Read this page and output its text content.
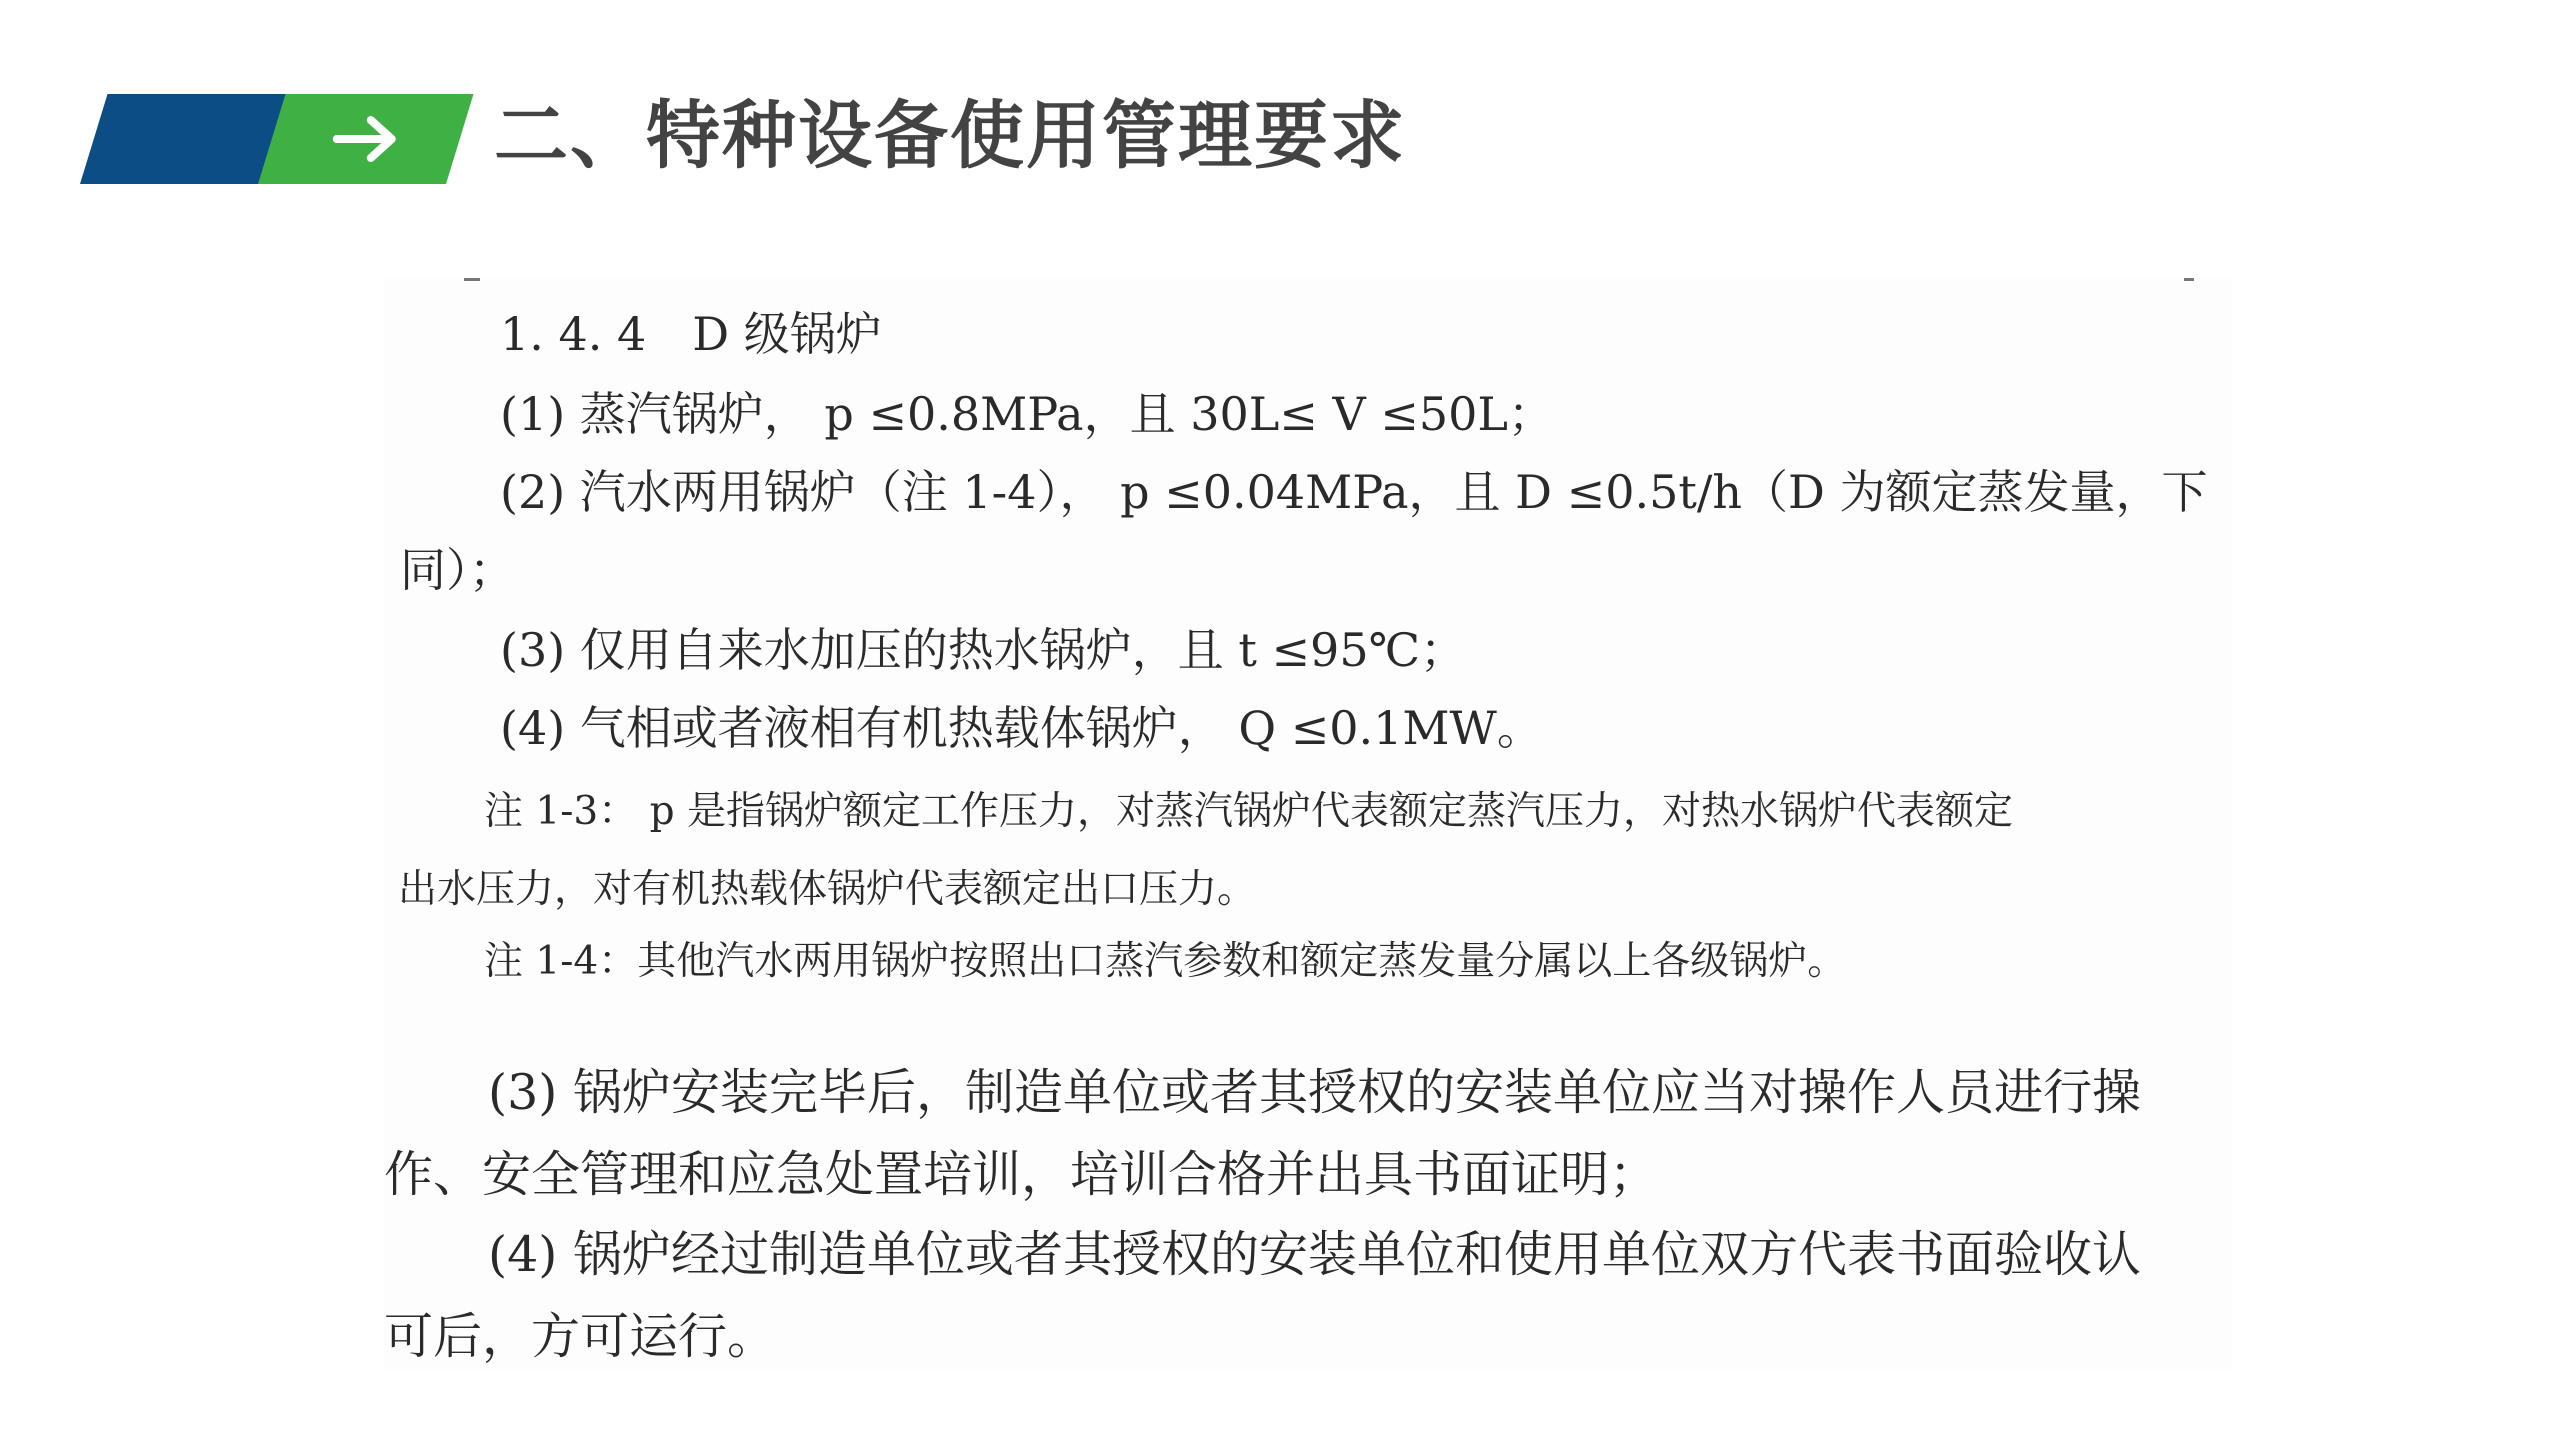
二、特种设备使用管理要求
1. 4. 4　D 级锅炉
(1) 蒸汽锅炉， p ≤0.8MPa，且 30L≤ V ≤50L；
(2) 汽水两用锅炉（注 1-4）， p ≤0.04MPa，且 D ≤0.5t/h（D 为额定蒸发量，下
同）；
(3) 仅用自来水加压的热水锅炉，且 t ≤95℃；
(4) 气相或者液相有机热载体锅炉， Q ≤0.1MW。
注 1-3： p 是指锅炉额定工作压力，对蒸汽锅炉代表额定蒸汽压力，对热水锅炉代表额定
出水压力，对有机热载体锅炉代表额定出口压力。
注 1-4：其他汽水两用锅炉按照出口蒸汽参数和额定蒸发量分属以上各级锅炉。
(3) 锅炉安装完毕后，制造单位或者其授权的安装单位应当对操作人员进行操
作、安全管理和应急处置培训，培训合格并出具书面证明；
(4) 锅炉经过制造单位或者其授权的安装单位和使用单位双方代表书面验收认
可后，方可运行。
